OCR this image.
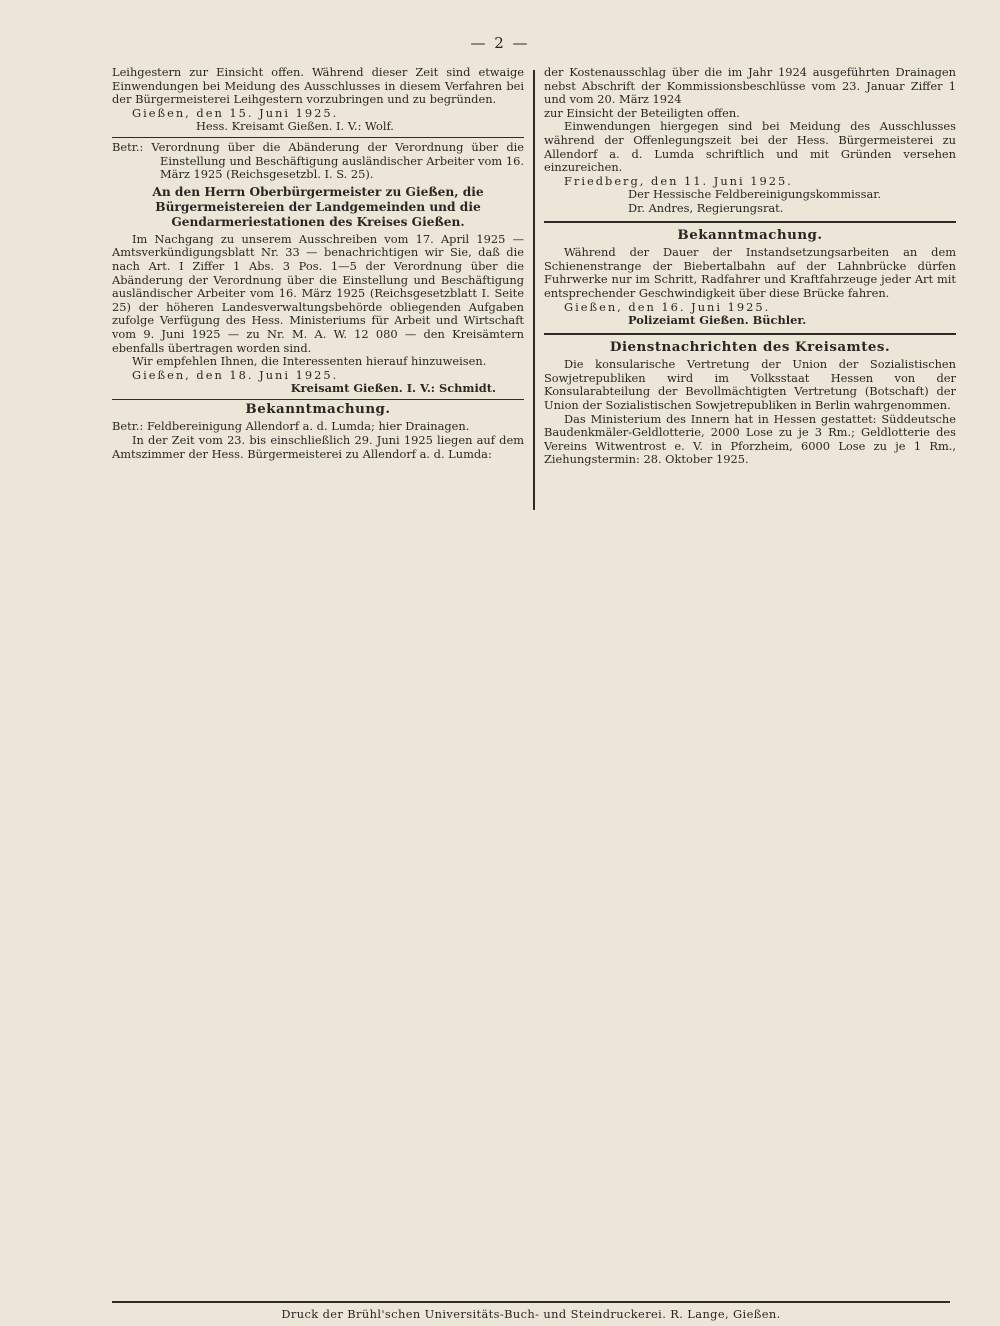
— 2 —

Leihgestern zur Einsicht offen. Während dieser Zeit sind etwaige Einwendungen bei Meidung des Ausschlusses in diesem Verfahren bei der Bürgermeisterei Leihgestern vorzubringen und zu begründen.

Gießen, den 15. Juni 1925.

Hess. Kreisamt Gießen. I. V.: Wolf.

Betr.: Verordnung über die Abänderung der Verordnung über die Einstellung und Beschäftigung ausländischer Arbeiter vom 16. März 1925 (Reichsgesetzbl. I. S. 25).

An den Herrn Oberbürgermeister zu Gießen, die Bürgermeistereien der Landgemeinden und die Gendarmeriestationen des Kreises Gießen.

Im Nachgang zu unserem Ausschreiben vom 17. April 1925 — Amtsverkündigungsblatt Nr. 33 — benachrichtigen wir Sie, daß die nach Art. I Ziffer 1 Abs. 3 Pos. 1—5 der Verordnung über die Abänderung der Verordnung über die Einstellung und Beschäftigung ausländischer Arbeiter vom 16. März 1925 (Reichsgesetzblatt I. Seite 25) der höheren Landesverwaltungsbehörde obliegenden Aufgaben zufolge Verfügung des Hess. Ministeriums für Arbeit und Wirtschaft vom 9. Juni 1925 — zu Nr. M. A. W. 12 080 — den Kreisämtern ebenfalls übertragen worden sind.

Wir empfehlen Ihnen, die Interessenten hierauf hinzuweisen.

Gießen, den 18. Juni 1925.

Kreisamt Gießen. I. V.: Schmidt.

Bekanntmachung.

Betr.: Feldbereinigung Allendorf a. d. Lumda; hier Drainagen.

In der Zeit vom 23. bis einschließlich 29. Juni 1925 liegen auf dem Amtszimmer der Hess. Bürgermeisterei zu Allendorf a. d. Lumda:

der Kostenausschlag über die im Jahr 1924 ausgeführten Drainagen nebst Abschrift der Kommissionsbeschlüsse vom 23. Januar Ziffer 1 und vom 20. März 1924

zur Einsicht der Beteiligten offen.

Einwendungen hiergegen sind bei Meidung des Ausschlusses während der Offenlegungszeit bei der Hess. Bürgermeisterei zu Allendorf a. d. Lumda schriftlich und mit Gründen versehen einzureichen.

Friedberg, den 11. Juni 1925.

Der Hessische Feldbereinigungskommissar.

Dr. Andres, Regierungsrat.

Bekanntmachung.

Während der Dauer der Instandsetzungsarbeiten an dem Schienenstrange der Biebertalbahn auf der Lahnbrücke dürfen Fuhrwerke nur im Schritt, Radfahrer und Kraftfahrzeuge jeder Art mit entsprechender Geschwindigkeit über diese Brücke fahren.

Gießen, den 16. Juni 1925.

Polizeiamt Gießen. Büchler.

Dienstnachrichten des Kreisamtes.

Die konsularische Vertretung der Union der Sozialistischen Sowjetrepubliken wird im Volksstaat Hessen von der Konsularabteilung der Bevollmächtigten Vertretung (Botschaft) der Union der Sozialistischen Sowjetrepubliken in Berlin wahrgenommen.

Das Ministerium des Innern hat in Hessen gestattet: Süddeutsche Baudenkmäler-Geldlotterie, 2000 Lose zu je 3 Rm.; Geldlotterie des Vereins Witwentrost e. V. in Pforzheim, 6000 Lose zu je 1 Rm., Ziehungstermin: 28. Oktober 1925.

Druck der Brühl'schen Universitäts-Buch- und Steindruckerei. R. Lange, Gießen.
